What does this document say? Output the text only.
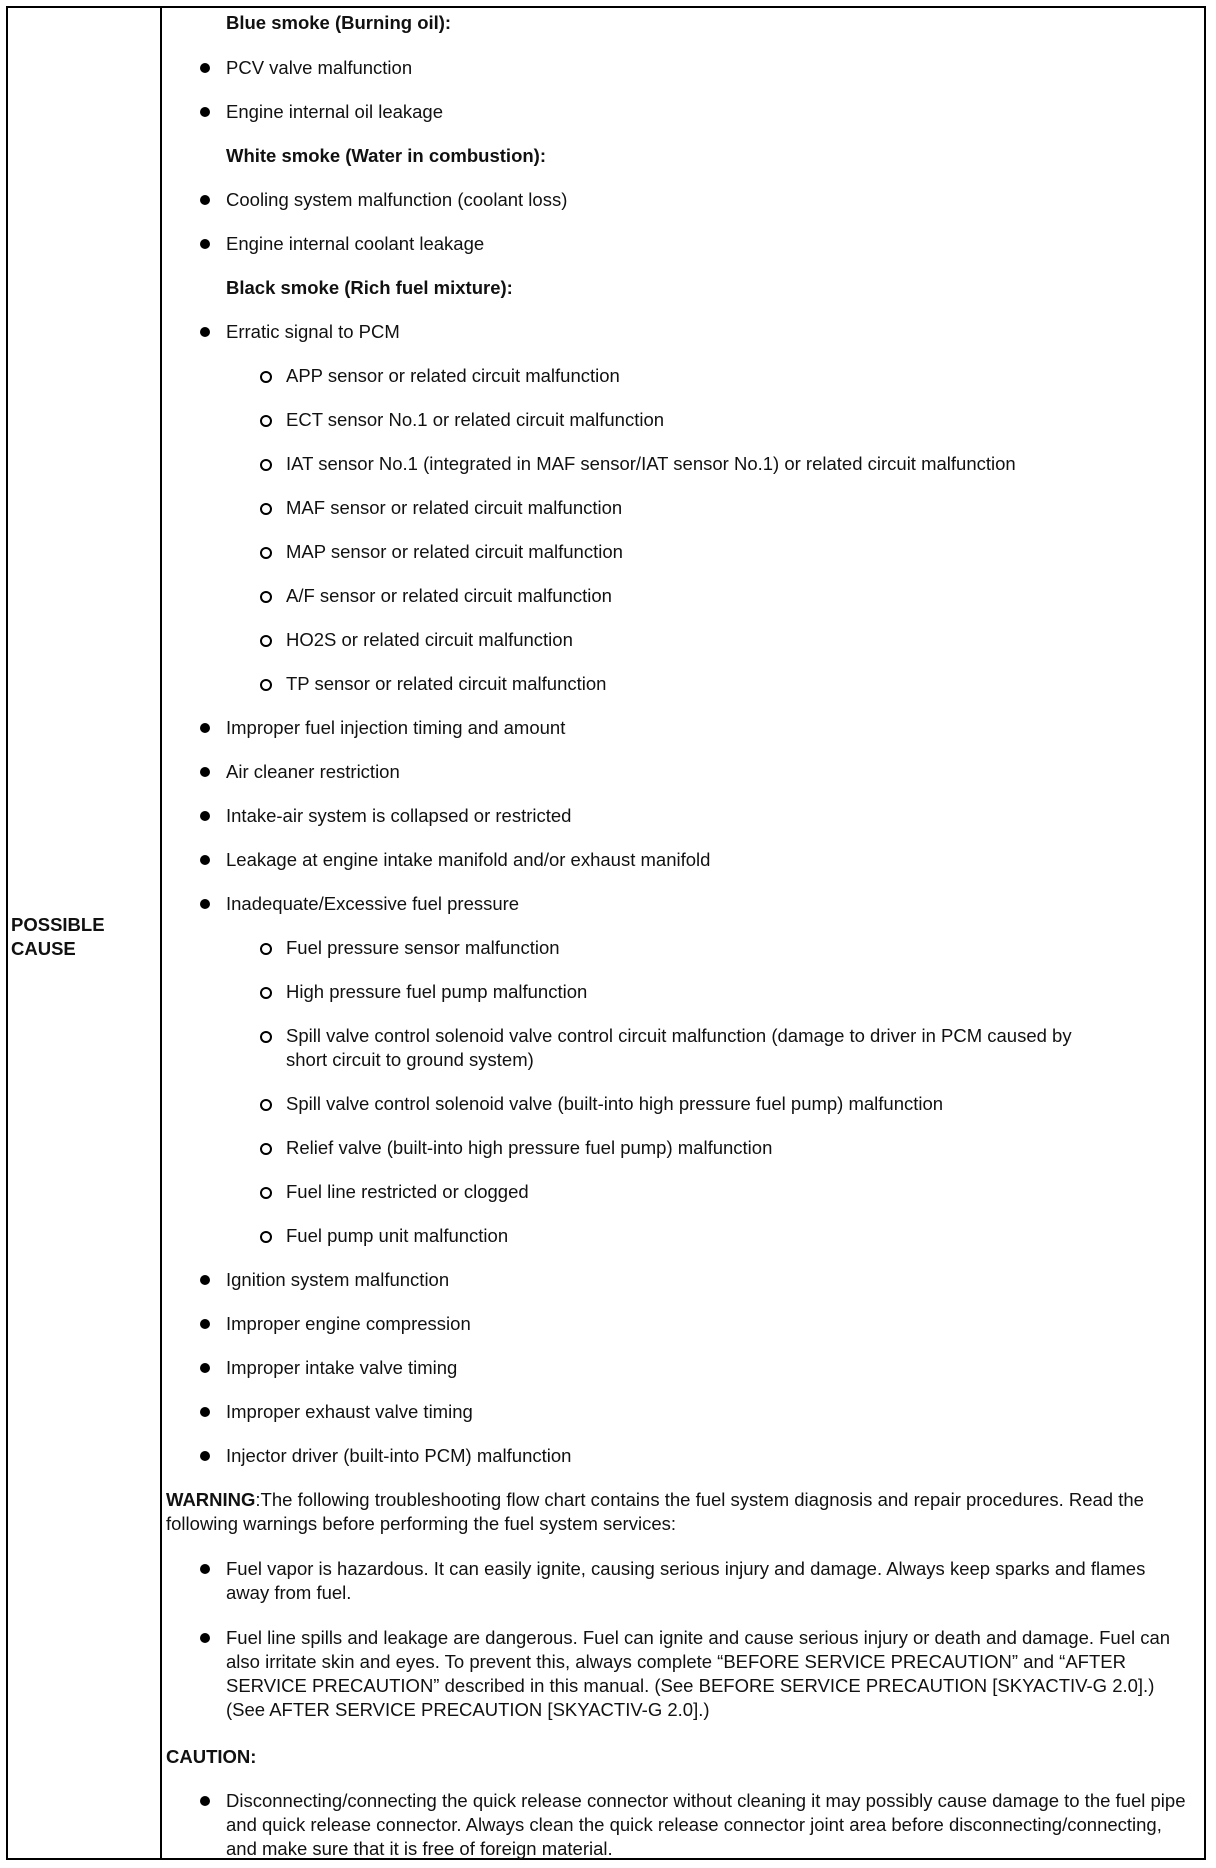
POSSIBLE
CAUSE
Blue smoke (Burning oil):
PCV valve malfunction
Engine internal oil leakage
White smoke (Water in combustion):
Cooling system malfunction (coolant loss)
Engine internal coolant leakage
Black smoke (Rich fuel mixture):
Erratic signal to PCM
APP sensor or related circuit malfunction
ECT sensor No.1 or related circuit malfunction
IAT sensor No.1 (integrated in MAF sensor/IAT sensor No.1) or related circuit malfunction
MAF sensor or related circuit malfunction
MAP sensor or related circuit malfunction
A/F sensor or related circuit malfunction
HO2S or related circuit malfunction
TP sensor or related circuit malfunction
Improper fuel injection timing and amount
Air cleaner restriction
Intake-air system is collapsed or restricted
Leakage at engine intake manifold and/or exhaust manifold
Inadequate/Excessive fuel pressure
Fuel pressure sensor malfunction
High pressure fuel pump malfunction
Spill valve control solenoid valve control circuit malfunction (damage to driver in PCM caused by
short circuit to ground system)
Spill valve control solenoid valve (built-into high pressure fuel pump) malfunction
Relief valve (built-into high pressure fuel pump) malfunction
Fuel line restricted or clogged
Fuel pump unit malfunction
Ignition system malfunction
Improper engine compression
Improper intake valve timing
Improper exhaust valve timing
Injector driver (built-into PCM) malfunction
WARNING:The following troubleshooting flow chart contains the fuel system diagnosis and repair procedures. Read the following warnings before performing the fuel system services:
Fuel vapor is hazardous. It can easily ignite, causing serious injury and damage. Always keep sparks and flames away from fuel.
Fuel line spills and leakage are dangerous. Fuel can ignite and cause serious injury or death and damage. Fuel can also irritate skin and eyes. To prevent this, always complete “BEFORE SERVICE PRECAUTION” and “AFTER SERVICE PRECAUTION” described in this manual. (See BEFORE SERVICE PRECAUTION [SKYACTIV-G 2.0].) (See AFTER SERVICE PRECAUTION [SKYACTIV-G 2.0].)
CAUTION:
Disconnecting/connecting the quick release connector without cleaning it may possibly cause damage to the fuel pipe and quick release connector. Always clean the quick release connector joint area before disconnecting/connecting, and make sure that it is free of foreign material.
